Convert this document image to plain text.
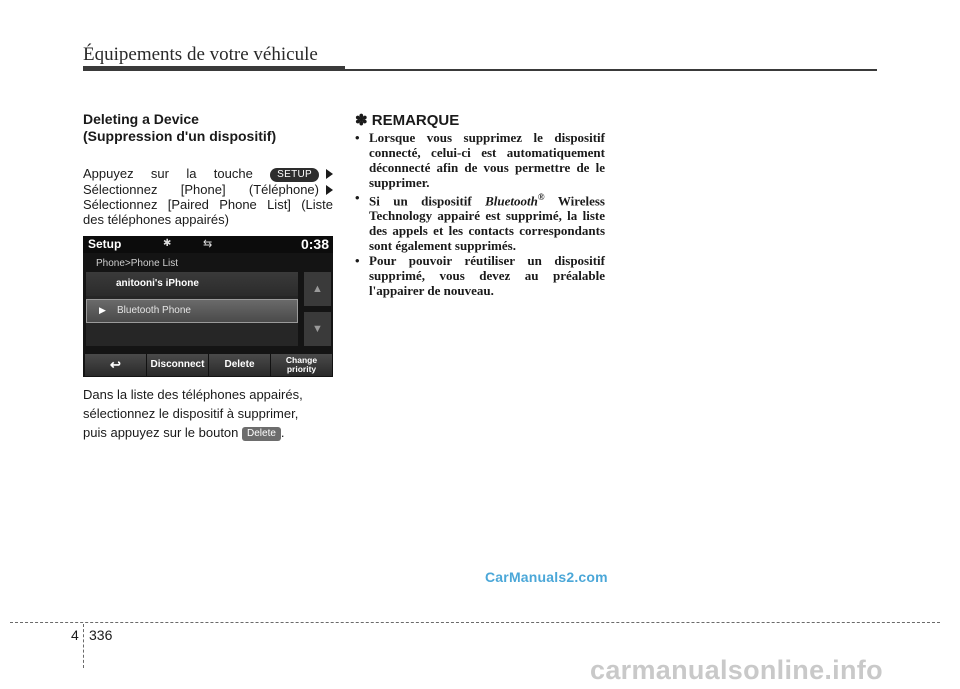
Équipements de votre véhicule
Deleting a Device
(Suppression d'un dispositif)
Appuyez sur la touche SETUP
Sélectionnez [Phone] (Téléphone)
Sélectionnez [Paired Phone List] (Liste
des téléphones appairés)
Setup	✱	⇆	0:38
Phone>Phone List
anitooni's iPhone
▶ Bluetooth Phone
▲
▼
↩	Disconnect	Delete	Change
priority
Dans la liste des téléphones appairés,
sélectionnez le dispositif à supprimer,
puis appuyez sur le bouton Delete .
✽ REMARQUE
• Lorsque vous supprimez le dispositif connecté, celui-ci est automatiquement déconnecté afin de vous permettre de le supprimer.
• Si un dispositif Bluetooth® Wireless Technology appairé est supprimé, la liste des appels et les contacts correspondants sont également supprimés.
• Pour pouvoir réutiliser un dispositif supprimé, vous devez au préalable l'appairer de nouveau.
CarManuals2.com
carmanualsonline.info
4 336
